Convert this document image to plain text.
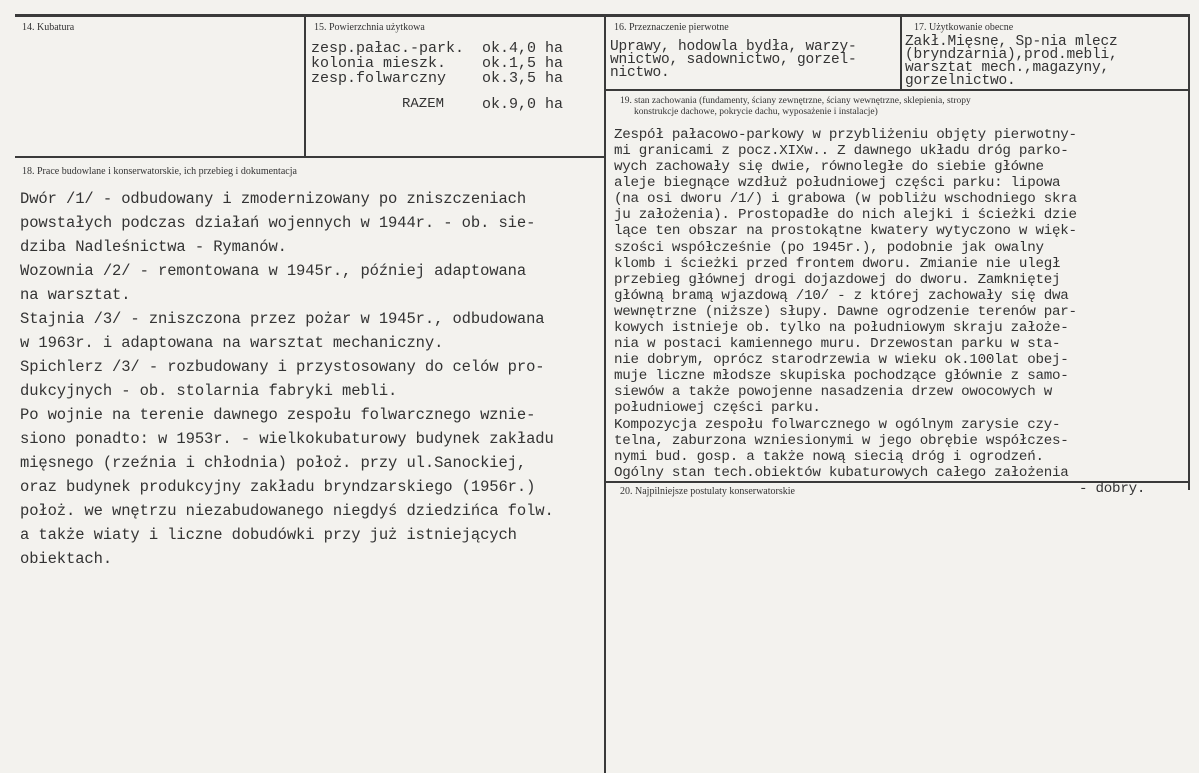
14. Kubatura	15. Powierzchnia użytkowa
zesp.pałac.-park. ok.4,0 ha
kolonia mieszk. ok.1,5 ha
zesp.folwarczny ok.3,5 ha
RAZEM	ok.9,0 ha
16. Przeznaczenie pierwotne
Uprawy, hodowla bydła, warzy-
wnictwo, sadownictwo, gorzel-
nictwo.
17. Użytkowanie obecne
Zakł.Mięsne, Sp-nia mlecz
(bryndzarnia),prod.mebli,
warsztat mech.,magazyny,
gorzelnictwo.
18. Prace budowlane i konserwatorskie, ich przebieg i dokumentacja
Dwór /1/ - odbudowany i zmodernizowany po zniszczeniach
powstałych podczas działań wojennych w 1944r. - ob. sie-
dziba Nadleśnictwa - Rymanów.
Wozownia /2/ - remontowana w 1945r., później adaptowana
na warsztat.
Stajnia /3/ - zniszczona przez pożar w 1945r., odbudowana
w 1963r. i adaptowana na warsztat mechaniczny.
Spichlerz /3/ - rozbudowany i przystosowany do celów pro-
dukcyjnych - ob. stolarnia fabryki mebli.
Po wojnie na terenie dawnego zespołu folwarcznego wznie-
siono ponadto: w 1953r. - wielkokubaturowy budynek zakładu
mięsnego (rzeźnia i chłodnia) położ. przy ul.Sanockiej,
oraz budynek produkcyjny zakładu bryndzarskiego (1956r.)
położ. we wnętrzu niezabudowanego niegdyś dziedzińca folw.
a także wiaty i liczne dobudówki przy już istniejących
obiektach.
19. stan zachowania (fundamenty, ściany zewnętrzne, ściany wewnętrzne, sklepienia, stropy
konstrukcje dachowe, pokrycie dachu, wyposażenie i instalacje)
Zespół pałacowo-parkowy w przybliżeniu objęty pierwotny-
mi granicami z pocz.XIXw.. Z dawnego układu dróg parko-
wych zachowały się dwie, równoległe do siebie główne
aleje biegnące wzdłuż południowej części parku: lipowa
(na osi dworu /1/) i grabowa (w pobliżu wschodniego skra
ju założenia). Prostopadłe do nich alejki i ścieżki dzie
lące ten obszar na prostokątne kwatery wytyczono w więk-
szości współcześnie (po 1945r.), podobnie jak owalny
klomb i ścieżki przed frontem dworu. Zmianie nie uległ
przebieg głównej drogi dojazdowej do dworu. Zamkniętej
główną bramą wjazdową /10/ - z której zachowały się dwa
wewnętrzne (niższe) słupy. Dawne ogrodzenie terenów par-
kowych istnieje ob. tylko na południowym skraju założe-
nia w postaci kamiennego muru. Drzewostan parku w sta-
nie dobrym, oprócz starodrzewia w wieku ok.100lat obej-
muje liczne młodsze skupiska pochodzące głównie z samo-
siewów a także powojenne nasadzenia drzew owocowych w
południowej części parku.
Kompozycja zespołu folwarcznego w ogólnym zarysie czy-
telna, zaburzona wzniesionymi w jego obrębie współczes-
nymi bud. gosp. a także nową siecią dróg i ogrodzeń.
Ogólny stan tech.obiektów kubaturowych całego założenia
- dobry.
20. Najpilniejsze postulaty konserwatorskie
